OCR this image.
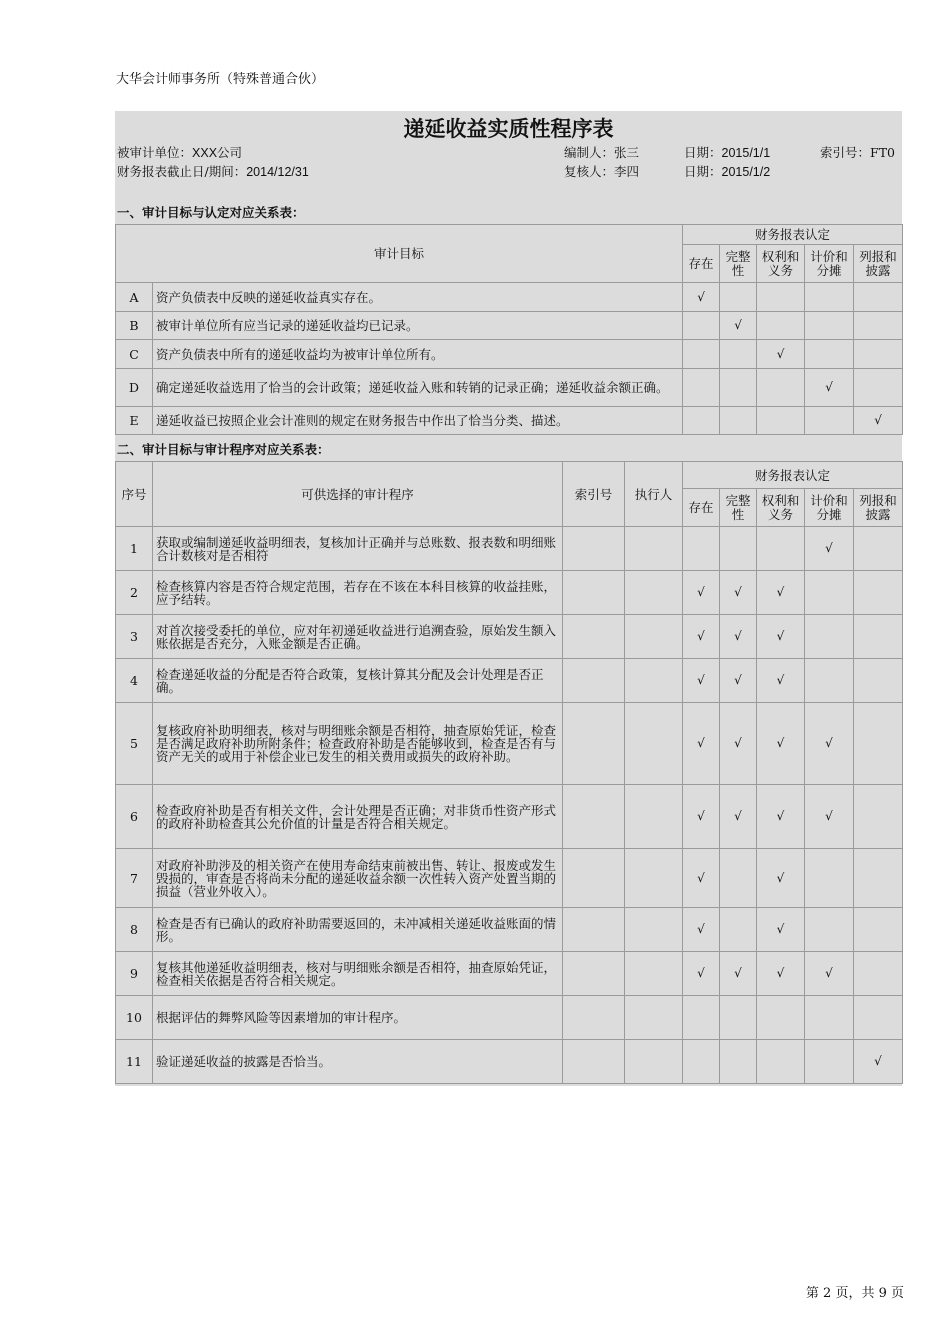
大华会计师事务所（特殊普通合伙）
递延收益实质性程序表
被审计单位：XXX公司	编制人：张三	日期：2015/1/1	索引号：FT0
财务报表截止日/期间：2014/12/31	复核人：李四	日期：2015/1/2
一、审计目标与认定对应关系表：
审计目标		财务报表认定				
		存在	完整性	权利和义务	计价和分摊	列报和披露
A	资产负债表中反映的递延收益真实存在。	√				
B	被审计单位所有应当记录的递延收益均已记录。		√			
C	资产负债表中所有的递延收益均为被审计单位所有。			√		
D	确定递延收益选用了恰当的会计政策；递延收益入账和转销的记录正确；递延收益余额正确。				√	
E	递延收益已按照企业会计准则的规定在财务报告中作出了恰当分类、描述。					√
二、审计目标与审计程序对应关系表：
序号	可供选择的审计程序	索引号	执行人	财务报表认定				
				存在	完整性	权利和义务	计价和分摊	列报和披露
1	获取或编制递延收益明细表，复核加计正确并与总账数、报表数和明细账合计数核对是否相符						√	
2	检查核算内容是否符合规定范围，若存在不该在本科目核算的收益挂账，应予结转。			√	√	√		
3	对首次接受委托的单位，应对年初递延收益进行追溯查验，原始发生额入账依据是否充分，入账金额是否正确。			√	√	√		
4	检查递延收益的分配是否符合政策，复核计算其分配及会计处理是否正确。			√	√	√		
5	复核政府补助明细表，核对与明细账余额是否相符，抽查原始凭证，检查是否满足政府补助所附条件；检查政府补助是否能够收到，检查是否有与资产无关的或用于补偿企业已发生的相关费用或损失的政府补助。			√	√	√	√	
6	检查政府补助是否有相关文件，会计处理是否正确；对非货币性资产形式的政府补助检查其公允价值的计量是否符合相关规定。			√	√	√	√	
7	对政府补助涉及的相关资产在使用寿命结束前被出售、转让、报废或发生毁损的，审查是否将尚未分配的递延收益余额一次性转入资产处置当期的损益（营业外收入）。			√		√		
8	检查是否有已确认的政府补助需要返回的，未冲减相关递延收益账面的情形。			√		√		
9	复核其他递延收益明细表，核对与明细账余额是否相符，抽查原始凭证，检查相关依据是否符合相关规定。			√	√	√	√	
10	根据评估的舞弊风险等因素增加的审计程序。							
11	验证递延收益的披露是否恰当。							√
第 2 页，共 9 页
